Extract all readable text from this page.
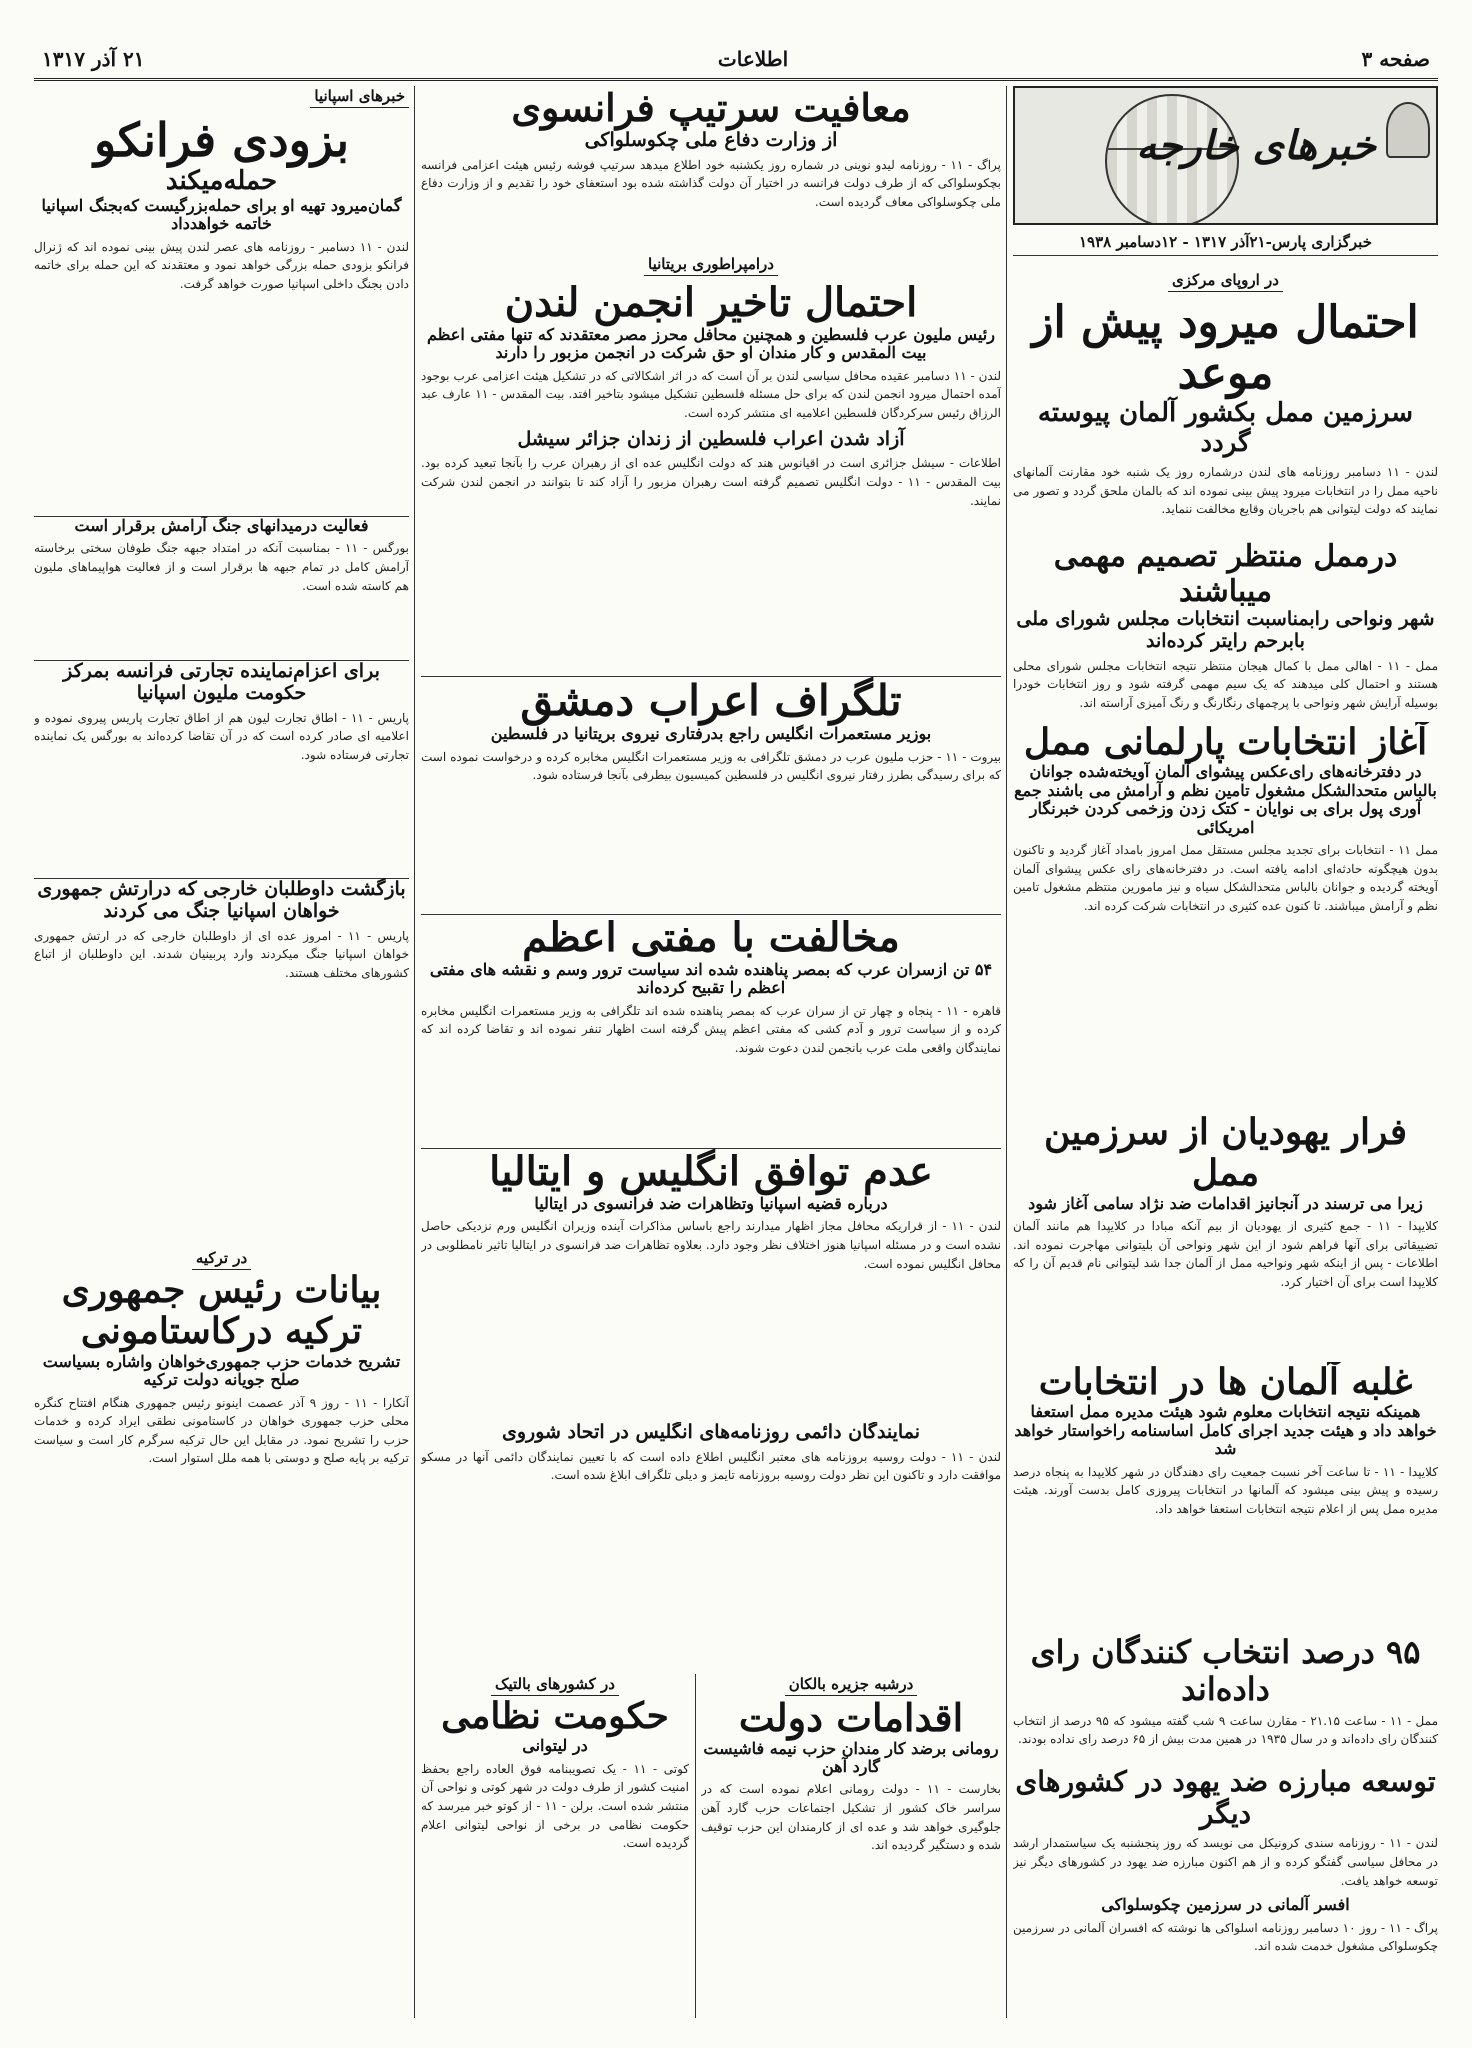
صفحه ۳
اطلاعات
۲۱ آذر ۱۳۱۷
خبرهای خارجه
خبرگزاری پارس-۲۱آذر ۱۳۱۷ - ۱۲دسامبر ۱۹۳۸
در اروپای مرکزی

احتمال میرود پیش از موعد

سرزمین ممل بکشور آلمان پیوسته گردد

لندن - ۱۱ دسامبر روزنامه های لندن درشماره روز یک شنبه خود مقارنت آلمانهای ناحیه ممل را در انتخابات میرود پیش بینی نموده اند که بالمان ملحق گردد و تصور می نمایند که دولت لیتوانی هم باجریان وقایع مخالفت ننماید.

درممل منتظر تصمیم مهمی میباشند

شهر ونواحی رابمناسبت انتخابات مجلس شورای ملی بابرحم رایتر کرده‌اند

ممل - ۱۱ - اهالی ممل با کمال هیجان منتظر نتیجه انتخابات مجلس شورای محلی هستند و احتمال کلی میدهند که یک سیم مهمی گرفته شود و روز انتخابات خودرا بوسیله آرایش شهر ونواحی با پرچمهای رنگارنگ و رنگ آمیزی آراسته اند.

آغاز انتخابات پارلمانی ممل

در دفترخانه‌های رای‌عکس پیشوای آلمان آویخته‌شده جوانان بالباس متحدالشکل مشغول تامین نظم و آرامش می باشند جمع آوری پول برای بی نوایان - کتک زدن وزخمی کردن خبرنگار امریکائی

ممل ۱۱ - انتخابات برای تجدید مجلس مستقل ممل امروز بامداد آغاز گردید و تاکنون بدون هیچگونه حادثه‌ای ادامه یافته است. در دفترخانه‌های رای عکس پیشوای آلمان آویخته گردیده و جوانان بالباس متحدالشکل سیاه و نیز مامورین منتظم مشغول تامین نظم و آرامش میباشند. تا کنون عده کثیری در انتخابات شرکت کرده اند.

فرار یهودیان از سرزمین ممل

زیرا می ترسند در آنجانیز اقدامات ضد نژاد سامی آغاز شود

کلایپدا - ۱۱ - جمع کثیری از یهودیان از بیم آنکه مبادا در کلایپدا هم مانند آلمان تضییقاتی برای آنها فراهم شود از این شهر ونواحی آن بلیتوانی مهاجرت نموده اند. اطلاعات - پس از اینکه شهر ونواحیه ممل از آلمان جدا شد لیتوانی نام قدیم آن را که کلایپدا است برای آن اختیار کرد.

غلبه آلمان ها در انتخابات

همینکه نتیجه انتخابات معلوم شود هیئت مدیره ممل استعفا خواهد داد و هیئت جدید اجرای کامل اساسنامه راخواستار خواهد شد

کلایپدا - ۱۱ - تا ساعت آخر نسبت جمعیت رای دهندگان در شهر کلایپدا به پنجاه درصد رسیده و پیش بینی میشود که آلمانها در انتخابات پیروزی کامل بدست آورند. هیئت مدیره ممل پس از اعلام نتیجه انتخابات استعفا خواهد داد.

۹۵ درصد انتخاب کنندگان رای داده‌اند

ممل - ۱۱ - ساعت ۲۱.۱۵ - مقارن ساعت ۹ شب گفته میشود که ۹۵ درصد از انتخاب کنندگان رای داده‌اند و در سال ۱۹۳۵ در همین مدت بیش از ۶۵ درصد رای نداده بودند.

توسعه مبارزه ضد یهود در کشورهای دیگر

لندن - ۱۱ - روزنامه سندی کرونیکل می نویسد که روز پنجشنبه یک سیاستمدار ارشد در محافل سیاسی گفتگو کرده و از هم اکنون مبارزه ضد یهود در کشورهای دیگر نیز توسعه خواهد یافت.

افسر آلمانی در سرزمین چکوسلواکی

پراگ - ۱۱ - روز ۱۰ دسامبر روزنامه اسلواکی ها نوشته که افسران آلمانی در سرزمین چکوسلواکی مشغول خدمت شده اند.

معافیت سرتیپ فرانسوی

از وزارت دفاع ملی چکوسلواکی

پراگ - ۱۱ - روزنامه لیدو نوینی در شماره روز یکشنبه خود اطلاع میدهد سرتیپ فوشه رئیس هیئت اعزامی فرانسه بچکوسلواکی که از طرف دولت فرانسه در اختیار آن دولت گذاشته شده بود استعفای خود را تقدیم و از وزارت دفاع ملی چکوسلواکی معاف گردیده است.

درامپراطوری بریتانیا

احتمال تاخیر انجمن لندن

رئیس مليون عرب فلسطين و همچنین محافل محرز مصر معتقدند که تنها مفتی اعظم بیت المقدس و کار مندان او حق شرکت در انجمن مزبور را دارند

لندن - ۱۱ دسامبر عقیده محافل سیاسی لندن بر آن است که در اثر اشکالاتی که در تشکیل هیئت اعزامی عرب بوجود آمده احتمال میرود انجمن لندن که برای حل مسئله فلسطین تشکیل میشود بتاخیر افتد. بیت المقدس - ۱۱ عارف عبد الرزاق رئیس سرکردگان فلسطین اعلامیه ای منتشر کرده است.

آزاد شدن اعراب فلسطین از زندان جزائر سیشل

اطلاعات - سیشل جزائری است در اقیانوس هند که دولت انگلیس عده ای از رهبران عرب را بآنجا تبعید کرده بود. بیت المقدس - ۱۱ - دولت انگلیس تصمیم گرفته است رهبران مزبور را آزاد کند تا بتوانند در انجمن لندن شرکت نمایند.

تلگراف اعراب دمشق

بوزیر مستعمرات انگلیس راجع بدرفتاری نیروی بریتانیا در فلسطین

بیروت - ۱۱ - حزب ملیون عرب در دمشق تلگرافی به وزیر مستعمرات انگلیس مخابره کرده و درخواست نموده است که برای رسیدگی بطرز رفتار نیروی انگلیس در فلسطین کمیسیون بیطرفی بآنجا فرستاده شود.

مخالفت با مفتی اعظم

۵۴ تن ازسران عرب که بمصر پناهنده شده اند سیاست ترور وسم و نقشه های مفتی اعظم را تقبیح کرده‌اند

قاهره - ۱۱ - پنجاه و چهار تن از سران عرب که بمصر پناهنده شده اند تلگرافی به وزیر مستعمرات انگلیس مخابره کرده و از سیاست ترور و آدم کشی که مفتی اعظم پیش گرفته است اظهار تنفر نموده اند و تقاضا کرده اند که نمایندگان واقعی ملت عرب بانجمن لندن دعوت شوند.

عدم توافق انگلیس و ایتالیا

درباره قضیه اسپانیا وتظاهرات ضد فرانسوی در ایتالیا

لندن - ۱۱ - از قراریکه محافل مجاز اظهار میدارند راجع باساس مذاکرات آینده وزیران انگلیس ورم نزدیکی حاصل نشده است و در مسئله اسپانیا هنوز اختلاف نظر وجود دارد. بعلاوه تظاهرات ضد فرانسوی در ایتالیا تاثیر نامطلوبی در محافل انگلیس نموده است.

نمایندگان دائمی روزنامه‌های انگلیس در اتحاد شوروی

لندن - ۱۱ - دولت روسیه بروزنامه های معتبر انگلیس اطلاع داده است که با تعیین نمایندگان دائمی آنها در مسکو موافقت دارد و تاکنون این نظر دولت روسیه بروزنامه تایمز و دیلی تلگراف ابلاغ شده است.

درشبه جزیره بالکان

اقدامات دولت

رومانی برضد کار مندان حزب نیمه فاشیست گارد آهن

بخارست - ۱۱ - دولت رومانی اعلام نموده است که در سراسر خاک کشور از تشکیل اجتماعات حزب گارد آهن جلوگیری خواهد شد و عده ای از کارمندان این حزب توقیف شده و دستگیر گردیده اند.

در کشورهای بالتیک

حکومت نظامی

در لیتوانی

کوتی - ۱۱ - یک تصویبنامه فوق العاده راجع بحفظ امنیت کشور از طرف دولت در شهر کوتی و نواحی آن منتشر شده است. برلن - ۱۱ - از کوتو خبر میرسد که حکومت نظامی در برخی از نواحی لیتوانی اعلام گردیده است.

خبرهای اسپانیا

بزودی فرانکو

حمله‌میکند

گمان‌میرود تهیه او برای حمله‌بزرگیست که‌بجنگ اسپانیا خاتمه خواهدداد

لندن - ۱۱ دسامبر - روزنامه های عصر لندن پیش بینی نموده اند که ژنرال فرانکو بزودی حمله بزرگی خواهد نمود و معتقدند که این حمله برای خاتمه دادن بجنگ داخلی اسپانیا صورت خواهد گرفت.

فعالیت درمیدانهای جنگ آرامش برقرار است

بورگس - ۱۱ - بمناسبت آنکه در امتداد جبهه جنگ طوفان سختی برخاسته آرامش کامل در تمام جبهه ها برقرار است و از فعالیت هواپیماهای ملیون هم کاسته شده است.

برای اعزام‌نماینده تجارتی فرانسه بمرکز حکومت ملیون اسپانیا

پاریس - ۱۱ - اطاق تجارت لیون هم از اطاق تجارت پاریس پیروی نموده و اعلامیه ای صادر کرده است که در آن تقاضا کرده‌اند به بورگس یک نماینده تجارتی فرستاده شود.

بازگشت داوطلبان خارجی که درارتش جمهوری خواهان اسپانیا جنگ می کردند

پاریس - ۱۱ - امروز عده ای از داوطلبان خارجی که در ارتش جمهوری خواهان اسپانیا جنگ میکردند وارد پربینیان شدند. این داوطلبان از اتباع کشورهای مختلف هستند.

در ترکیه

بیانات رئیس جمهوری ترکیه درکاستامونی

تشریح خدمات حزب جمهوری‌خواهان واشاره بسیاست صلح جویانه دولت ترکیه

آنکارا - ۱۱ - روز ۹ آذر عصمت اینونو رئیس جمهوری هنگام افتتاح کنگره محلی حزب جمهوری خواهان در کاستامونی نطقی ایراد کرده و خدمات حزب را تشریح نمود. در مقابل این حال ترکیه سرگرم کار است و سیاست ترکیه بر پایه صلح و دوستی با همه ملل استوار است.
